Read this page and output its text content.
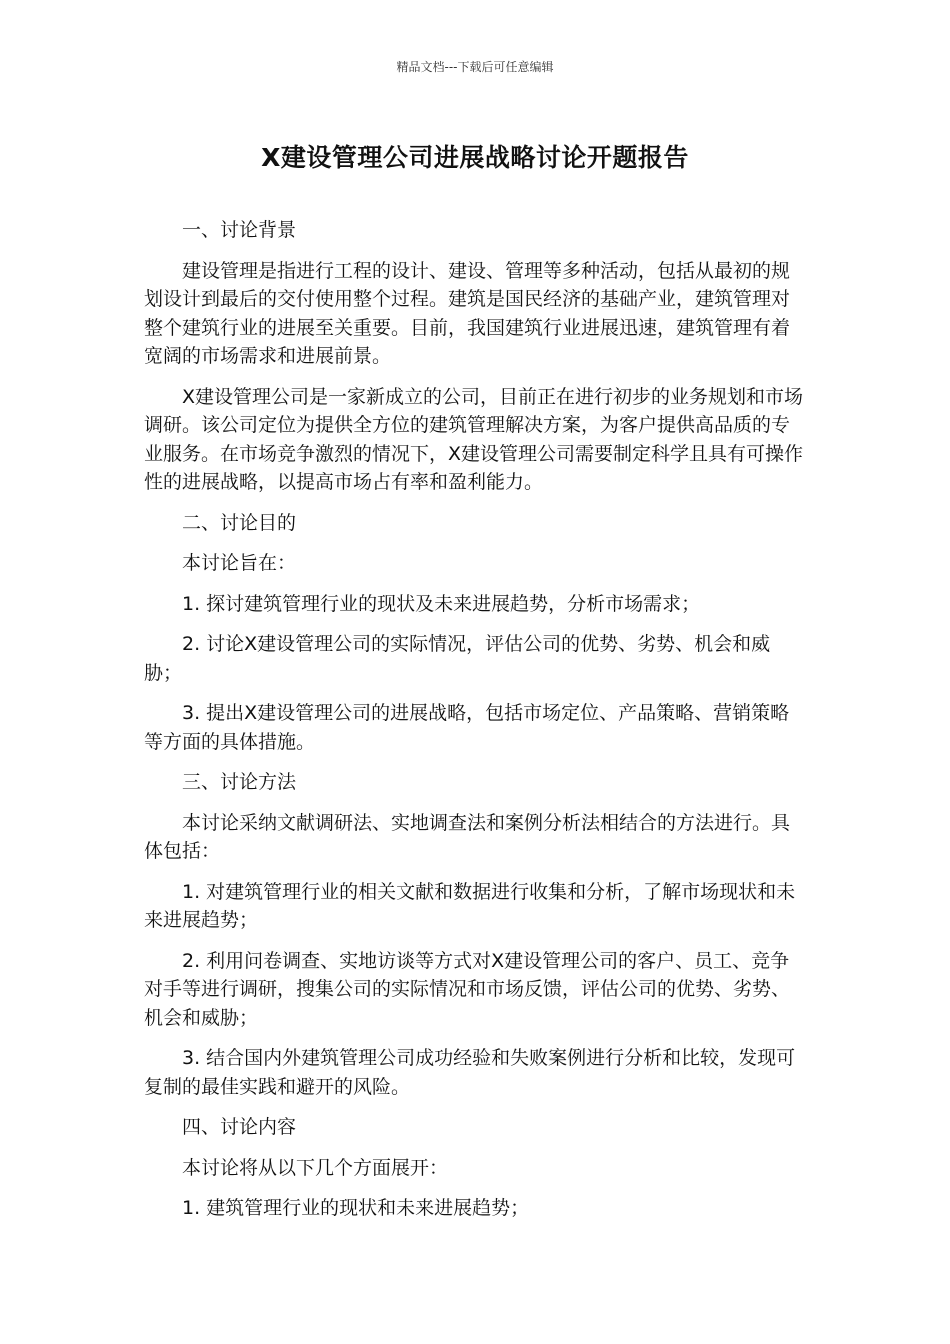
精品文档---下载后可任意编辑
X建设管理公司进展战略讨论开题报告

一、讨论背景

建设管理是指进行工程的设计、建设、管理等多种活动，包括从最初的规划设计到最后的交付使用整个过程。建筑是国民经济的基础产业，建筑管理对整个建筑行业的进展至关重要。目前，我国建筑行业进展迅速，建筑管理有着宽阔的市场需求和进展前景。

X建设管理公司是一家新成立的公司，目前正在进行初步的业务规划和市场调研。该公司定位为提供全方位的建筑管理解决方案，为客户提供高品质的专业服务。在市场竞争激烈的情况下，X建设管理公司需要制定科学且具有可操作性的进展战略，以提高市场占有率和盈利能力。

二、讨论目的

本讨论旨在：

1. 探讨建筑管理行业的现状及未来进展趋势，分析市场需求；

2. 讨论X建设管理公司的实际情况，评估公司的优势、劣势、机会和威胁；

3. 提出X建设管理公司的进展战略，包括市场定位、产品策略、营销策略等方面的具体措施。

三、讨论方法

本讨论采纳文献调研法、实地调查法和案例分析法相结合的方法进行。具体包括：

1. 对建筑管理行业的相关文献和数据进行收集和分析，了解市场现状和未来进展趋势；

2. 利用问卷调查、实地访谈等方式对X建设管理公司的客户、员工、竞争对手等进行调研，搜集公司的实际情况和市场反馈，评估公司的优势、劣势、机会和威胁；

3. 结合国内外建筑管理公司成功经验和失败案例进行分析和比较，发现可复制的最佳实践和避开的风险。

四、讨论内容

本讨论将从以下几个方面展开：

1. 建筑管理行业的现状和未来进展趋势；
